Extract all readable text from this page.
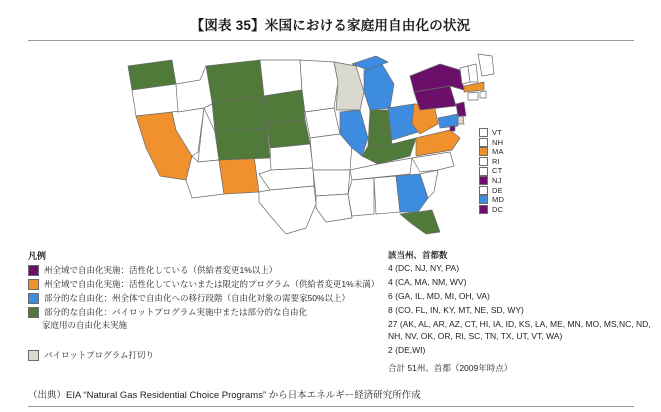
【図表 35】米国における家庭用自由化の状況
VT
NH
MA
RI
CT
NJ
DE
MD
DC
凡例
州全域で自由化実施：活性化している（供給者変更1%以上）
州全域で自由化実施：活性化していないまたは限定的プログラム（供給者変更1%未満）
部分的な自由化：州全体で自由化への移行段階（自由化対象の需要家50%以上）
部分的な自由化：パイロットプログラム実施中または部分的な自由化
家庭用の自由化未実施
パイロットプログラム打切り
該当州、首都数
4 (DC, NJ, NY, PA)
4 (CA, MA, NM, WV)
6 (GA, IL, MD, MI, OH, VA)
8 (CO, FL, IN, KY, MT, NE, SD, WY)
27 (AK, AL, AR, AZ, CT, HI, IA, ID, KS, LA, ME, MN, MO, MS,NC, ND, NH, NV, OK, OR, RI, SC, TN, TX, UT, VT, WA)
2 (DE,WI)
合計 51州、首都（2009年時点）
（出典）EIA “Natural Gas Residential Choice Programs” から日本エネルギー経済研究所作成
